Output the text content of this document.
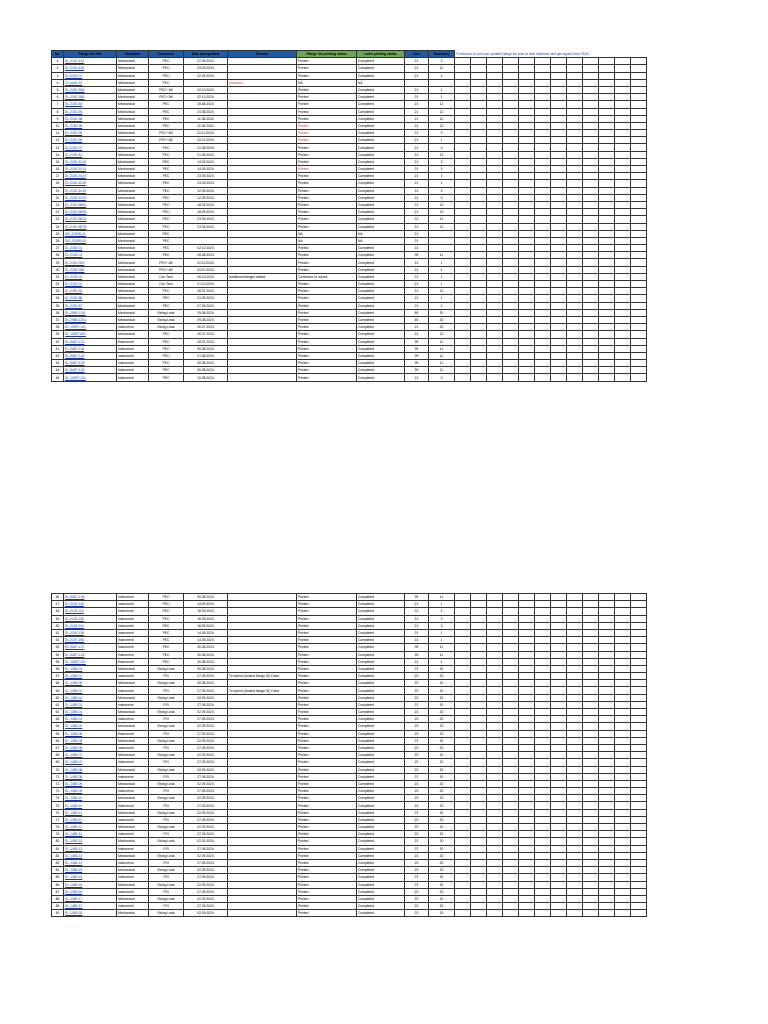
No.	Flange list title	Discipline	Contractor	Date last updated	Remark	Flange list printing status	Label printing status	Unit	Boundary	*Contractor to print out updated flange list prior to final handover and get signed from TASS											
1	EL-2150-124	Mechanical	PEC	07.09.2024		Printed	Completed	21	3												
2	EL-2150-125	Mechanical	PEC	23.09.2024		Printed	Completed	21	12												
3	EL-2150-01	Mechanical	PEC	02.09.2024		Printed	Completed	21	4												
4	To come-15	Mechanical	PEC		Unissued	NA	NA														
5	EL-2150-39A	Mechanical	PEC+JW	02.10.2024		Printed	Completed	21	1												
6	EL-2150-39B	Mechanical	PEC+JW	02.10.2024		Printed	Completed	21	1												
7	EL-2150-48	Mechanical	PEC	28.08.2024		Printed	Completed	21	12												
8	EL-2150-26	Mechanical	PEC	24.08.2024		Printed	Completed	21	12												
9	EL-2150-38	Mechanical	PEC	11.08.2024		Printed	Completed	21	12												
10	EL-2150-36	Mechanical	PEC	11.09.2024		Printed	Completed	21	12												
11	EL-2150-36	Mechanical	PEC+JW	02.10.2024		Printed	Completed	21	3												
12	EL-2150-35	Mechanical	PEC+JW	02.10.2024		Printed	Completed	21	1												
13	EL-2150-70	Mechanical	PEC	21.08.2024		Printed	Completed	21	3												
14	EL-2150-41	Mechanical	PEC	21.08.2024		Printed	Completed	21	13												
15	EL-2150-1015	Mechanical	PEC	14.09.2024		Printed	Completed	21	3												
16	EL-2150-1014	Mechanical	PEC	14.09.2024		Printed	Completed	21	3												
17	EL-2150-1024	Mechanical	PEC	23.09.2024		Printed	Completed	21	1												
18	EL-2150-1028	Mechanical	PEC	23.09.2024		Printed	Completed	21	1												
19	EL-2150-1015	Mechanical	PEC	12.09.2024		Printed	Completed	21	3												
20	EL-2150-1019	Mechanical	PEC	12.09.2024		Printed	Completed	21	3												
21	EL-2150-580A	Mechanical	PEC	18.09.2024		Printed	Completed	21	13												
22	EL-2150-580B	Mechanical	PEC	18.09.2024		Printed	Completed	21	13												
23	EL-2150-587A	Mechanical	PEC	23.09.2024		Printed	Completed	21	12												
24	EL-2150-587B	Mechanical	PEC	23.09.2024		Printed	Completed	21	12												
25	SID-2150B-01	Mechanical	PEC			NA	NA	21													
26	SID-2150B-04	Mechanical	PEC			NA	NA	21													
27	EL-2180-01	Mechanical	PEC	02.10.2024		Printed	Completed	21													
28	EL-2184-01	Mechanical	PEC	28.08.2024		Printed	Completed	99	11												
29	EL-2150-39A	Mechanical	PEC+JW	02.10.2024		Printed	Completed	21	1												
30	EL-2150-39B	Mechanical	PEC+JW	02.10.2024		Printed	Completed	21	1												
31	EL-2190-01	Mechanical	Con Tech	06.10.2024	Additional flanges added	Contractor to reprint	Completed	21	1												
32	EL-2190-01	Mechanical	Con Tech	01.10.2024		Printed	Completed	21	1												
33	EL-2150-34	Mechanical	PEC	28.07.2024		Printed	Completed	21	12												
34	EL-2150-88	Mechanical	PEC	21.09.2024		Printed	Completed	21	1												
35	EL-2150-87	Mechanical	PEC	07.09.2024		Printed	Completed	21	1												
36	EL-2985-1101	Mechanical	Elsing Leak	29.08.2024		Printed	Completed	60	20												
37	EL-2985-1201	Mechanical	Elsing Leak	29.08.2024		Printed	Completed	60	20												
38	EL-1089T-101	Instrument	Elsing Leak	26.07.2024		Printed	Completed	21	20												
39	EL-1089T-801	Mechanical	PEC	26.07.2024		Printed	Completed	21	12												
40	EL-5A8T-123	Instrument	PEC	28.07.2024		Printed	Completed	99	11												
41	EL-5A8T-118	Instrument	PEC	30.08.2024		Printed	Completed	99	11												
42	EL-5A8T-124	Instrument	PEC	01.08.2024		Printed	Completed	99	11												
43	EL-5A8T-125	Instrument	PEC	30.08.2024		Printed	Completed	99	11												
44	EL-5A8T-126	Instrument	PEC	30.08.2024		Printed	Completed	99	11												
45	EL-1089T-101	Instrument	PEC	10.08.2024		Printed	Completed	21	3												
46	EL-5A8T-136	Instrument	PEC	30.08.2024		Printed	Completed	99	11												
47	EL-2118-128	Instrument	PEC	14.09.2024		Printed	Completed	21	1												
48	EL-2118-116	Instrument	PEC	16.09.2024		Printed	Completed	21	1												
49	EL-2118-208	Instrument	PEC	16.09.2024		Printed	Completed	21	3												
50	EL-2118-104	Instrument	PEC	16.09.2024		Printed	Completed	21	3												
51	EL-2118-136	Instrument	PEC	14.09.2024		Printed	Completed	21	1												
52	EL-2157-196	Instrument	PEC	14.09.2024		Printed	Completed	21	1												
53	EL-5A8T-127	Instrument	PEC	30.08.2024		Printed	Completed	99	11												
54	EL-5A8T-128	Instrument	PEC	30.08.2024		Printed	Completed	99	11												
55	EL-1089T-101	Instrument	PEC	30.08.2024		Printed	Completed	21	1												
56	EL-1485-01	Mechanical	Elsing Leak	30.08.2024		Printed	Completed	22	20												
57	EL-1485-01	Instrument	PSI	27.09.2024	To reprint (Amend flange ID) Done	Printed	Completed	22	20												
58	EL-1485-06	Mechanical	Elsing Leak	30.08.2024		Printed	Completed	22	20												
59	EL-1485-01	Instrument	PSI	27.09.2024	To reprint (Amend flange ID) Done	Printed	Completed	22	20												
60	EL-1485-01	Mechanical	Elsing Leak	02.09.2024		Printed	Completed	22	20												
61	EL-1485-01	Instrument	PSI	27.09.2024		Printed	Completed	22	20												
62	EL-1485-01	Mechanical	Elsing Leak	02.09.2024		Printed	Completed	22	20												
63	EL-1485-01	Instrument	PSI	27.09.2024		Printed	Completed	22	20												
64	EL-1485-02	Mechanical	Elsing Leak	02.09.2024		Printed	Completed	22	20												
65	EL-1485-05	Instrument	PSI	27.09.2024		Printed	Completed	22	20												
66	EL-1485-06	Mechanical	Elsing Leak	02.09.2024		Printed	Completed	22	20												
67	EL-1485-06	Instrument	PSI	27.09.2024		Printed	Completed	22	20												
68	EL-1485-07	Mechanical	Elsing Leak	02.09.2024		Printed	Completed	22	20												
69	EL-1485-07	Instrument	PSI	27.09.2024		Printed	Completed	22	20												
70	EL-1485-08	Mechanical	Elsing Leak	02.09.2024		Printed	Completed	22	20												
71	EL-1485-08	Instrument	PSI	27.09.2024		Printed	Completed	22	20												
72	EL-1485-09	Mechanical	Elsing Leak	02.09.2024		Printed	Completed	22	20												
73	EL-1485-09	Instrument	PSI	27.09.2024		Printed	Completed	22	20												
74	EL-1485-10	Mechanical	Elsing Leak	02.09.2024		Printed	Completed	22	20												
75	EL-1485-10	Instrument	PSI	27.09.2024		Printed	Completed	22	20												
76	EL-1485-11	Mechanical	Elsing Leak	02.09.2024		Printed	Completed	22	20												
77	EL-1485-11	Instrument	PSI	27.09.2024		Printed	Completed	22	20												
78	EL-1485-12	Mechanical	Elsing Leak	02.09.2024		Printed	Completed	22	20												
79	EL-1485-12	Instrument	PSI	27.09.2024		Printed	Completed	22	20												
80	EL-1485-13	Mechanical	Elsing Leak	02.09.2024		Printed	Completed	22	20												
81	EL-1485-13	Instrument	PSI	27.09.2024		Printed	Completed	22	20												
82	EL-1485-14	Mechanical	Elsing Leak	02.09.2024		Printed	Completed	22	20												
83	EL-1485-14	Instrument	PSI	27.09.2024		Printed	Completed	22	20												
84	EL-1485-15	Mechanical	Elsing Leak	02.09.2024		Printed	Completed	22	20												
85	EL-1485-15	Instrument	PSI	27.09.2024		Printed	Completed	22	20												
86	EL-1485-16	Mechanical	Elsing Leak	02.09.2024		Printed	Completed	22	20												
87	EL-1485-16	Instrument	PSI	27.09.2024		Printed	Completed	22	20												
88	EL-1485-17	Mechanical	Elsing Leak	02.09.2024		Printed	Completed	22	20												
89	EL-1485-17	Instrument	PSI	27.09.2024		Printed	Completed	22	20												
90	EL-1485-18	Mechanical	Elsing Leak	02.09.2024		Printed	Completed	22	20												
